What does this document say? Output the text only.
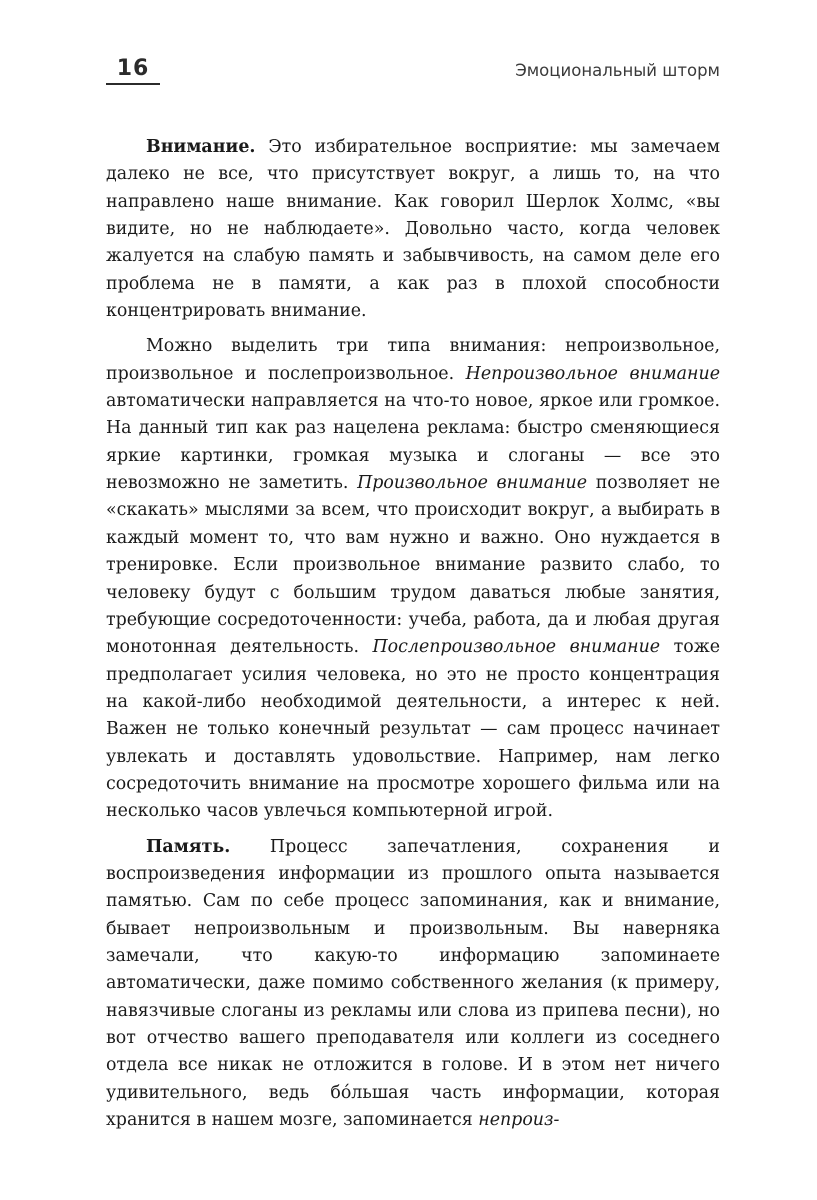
16	Эмоциональный шторм

Внимание. Это избирательное восприятие: мы замечаем далеко не все, что присутствует вокруг, а лишь то, на что направлено наше внимание. Как говорил Шерлок Холмс, «вы видите, но не наблюдаете». Довольно часто, когда человек жалуется на слабую память и забывчивость, на самом деле его проблема не в памяти, а как раз в плохой способности концентрировать внимание.

Можно выделить три типа внимания: непроизвольное, произвольное и послепроизвольное. Непроизвольное внимание автоматически направляется на что-то новое, яркое или громкое. На данный тип как раз нацелена реклама: быстро сменяющиеся яркие картинки, громкая музыка и слоганы — все это невозможно не заметить. Произвольное внимание позволяет не «скакать» мыслями за всем, что происходит вокруг, а выбирать в каждый момент то, что вам нужно и важно. Оно нуждается в тренировке. Если произвольное внимание развито слабо, то человеку будут с большим трудом даваться любые занятия, требующие сосредоточенности: учеба, работа, да и любая другая монотонная деятельность. Послепроизвольное внимание тоже предполагает усилия человека, но это не просто концентрация на какой-либо необходимой деятельности, а интерес к ней. Важен не только конечный результат — сам процесс начинает увлекать и доставлять удовольствие. Например, нам легко сосредоточить внимание на просмотре хорошего фильма или на несколько часов увлечься компьютерной игрой.

Память. Процесс запечатления, сохранения и воспроизведения информации из прошлого опыта называется памятью. Сам по себе процесс запоминания, как и внимание, бывает непроизвольным и произвольным. Вы наверняка замечали, что какую-то информацию запоминаете автоматически, даже помимо собственного желания (к примеру, навязчивые слоганы из рекламы или слова из припева песни), но вот отчество вашего преподавателя или коллеги из соседнего отдела все никак не отложится в голове. И в этом нет ничего удивительного, ведь бо́льшая часть информации, которая хранится в нашем мозге, запоминается непроиз-
